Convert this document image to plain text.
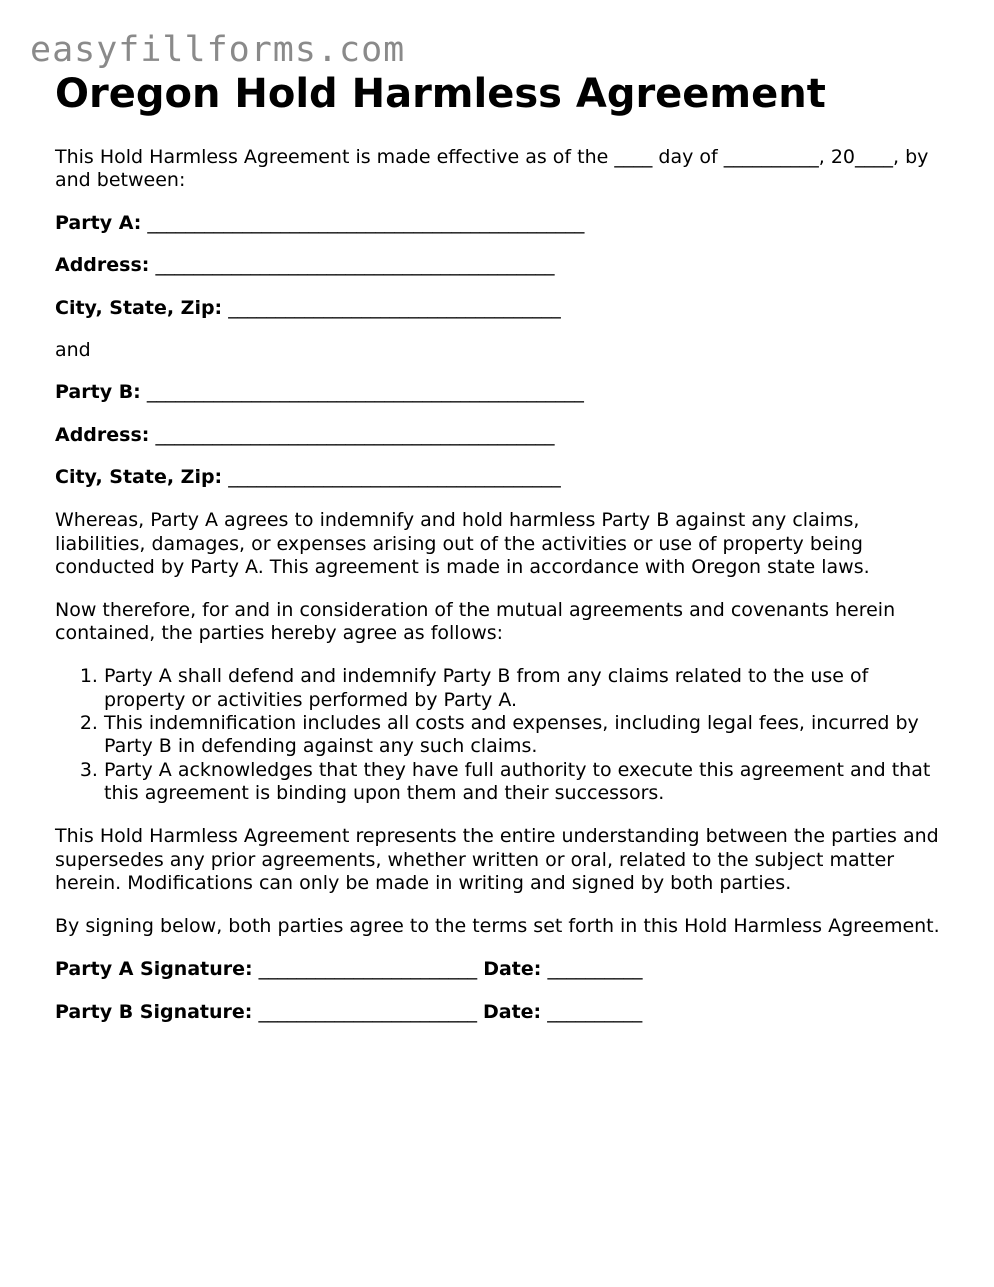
easyfillforms.com
Oregon Hold Harmless Agreement

This Hold Harmless Agreement is made effective as of the ____ day of __________, 20____, by and between:

Party A: ______________________________________________

Address: __________________________________________

City, State, Zip: ___________________________________

and

Party B: ______________________________________________

Address: __________________________________________

City, State, Zip: ___________________________________

Whereas, Party A agrees to indemnify and hold harmless Party B against any claims, liabilities, damages, or expenses arising out of the activities or use of property being conducted by Party A. This agreement is made in accordance with Oregon state laws.

Now therefore, for and in consideration of the mutual agreements and covenants herein contained, the parties hereby agree as follows:

1. Party A shall defend and indemnify Party B from any claims related to the use of property or activities performed by Party A.
2. This indemnification includes all costs and expenses, including legal fees, incurred by Party B in defending against any such claims.
3. Party A acknowledges that they have full authority to execute this agreement and that this agreement is binding upon them and their successors.

This Hold Harmless Agreement represents the entire understanding between the parties and supersedes any prior agreements, whether written or oral, related to the subject matter herein. Modifications can only be made in writing and signed by both parties.

By signing below, both parties agree to the terms set forth in this Hold Harmless Agreement.

Party A Signature: _______________________ Date: __________

Party B Signature: _______________________ Date: __________
